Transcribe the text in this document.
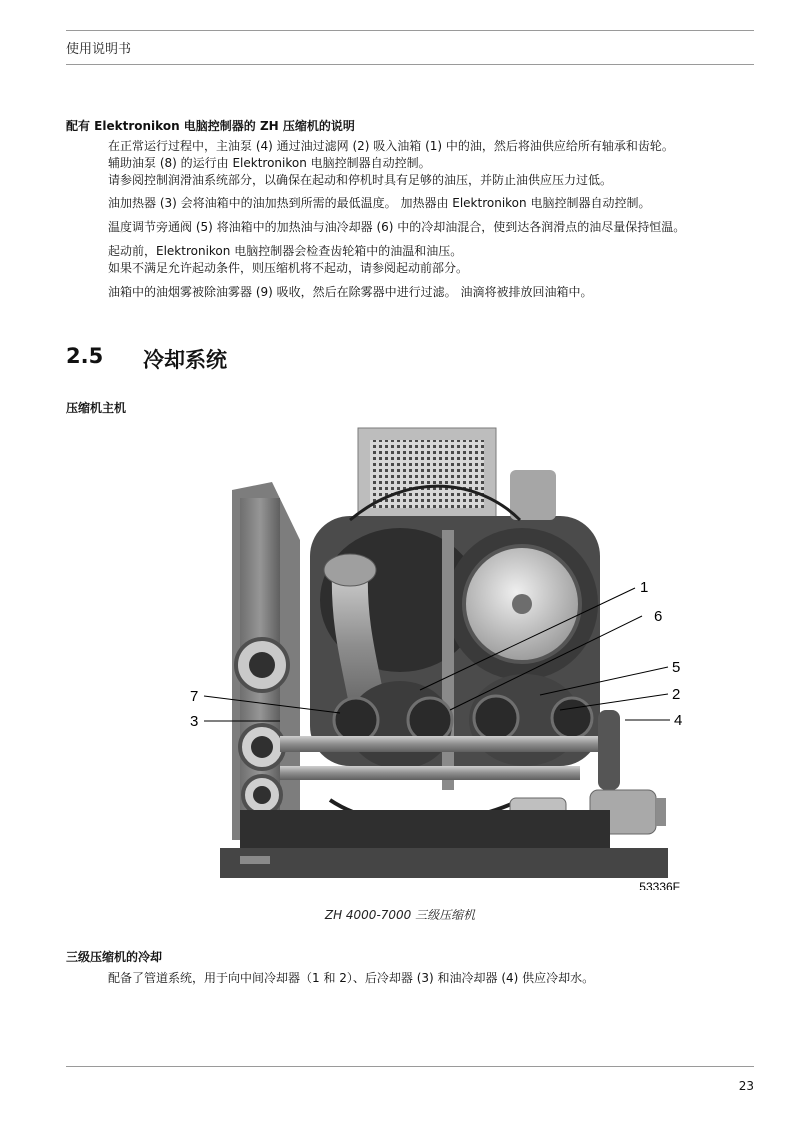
使用说明书
配有 Elektronikon 电脑控制器的 ZH 压缩机的说明
在正常运行过程中，主油泵 (4) 通过油过滤网 (2) 吸入油箱 (1) 中的油，然后将油供应给所有轴承和齿轮。
辅助油泵 (8) 的运行由 Elektronikon 电脑控制器自动控制。
请参阅控制润滑油系统部分，以确保在起动和停机时具有足够的油压，并防止油供应压力过低。
油加热器 (3) 会将油箱中的油加热到所需的最低温度。 加热器由 Elektronikon 电脑控制器自动控制。
温度调节旁通阀 (5) 将油箱中的加热油与油冷却器 (6) 中的冷却油混合，使到达各润滑点的油尽量保持恒温。
起动前，Elektronikon 电脑控制器会检查齿轮箱中的油温和油压。
如果不满足允许起动条件，则压缩机将不起动，请参阅起动前部分。
油箱中的油烟雾被除油雾器 (9) 吸收，然后在除雾器中进行过滤。 油滴将被排放回油箱中。
2.5 冷却系统
压缩机主机
1
6
5
2
4
7
3
53336F
ZH 4000-7000 三级压缩机
三级压缩机的冷却
配备了管道系统，用于向中间冷却器（1 和 2）、后冷却器 (3) 和油冷却器 (4) 供应冷却水。
23
